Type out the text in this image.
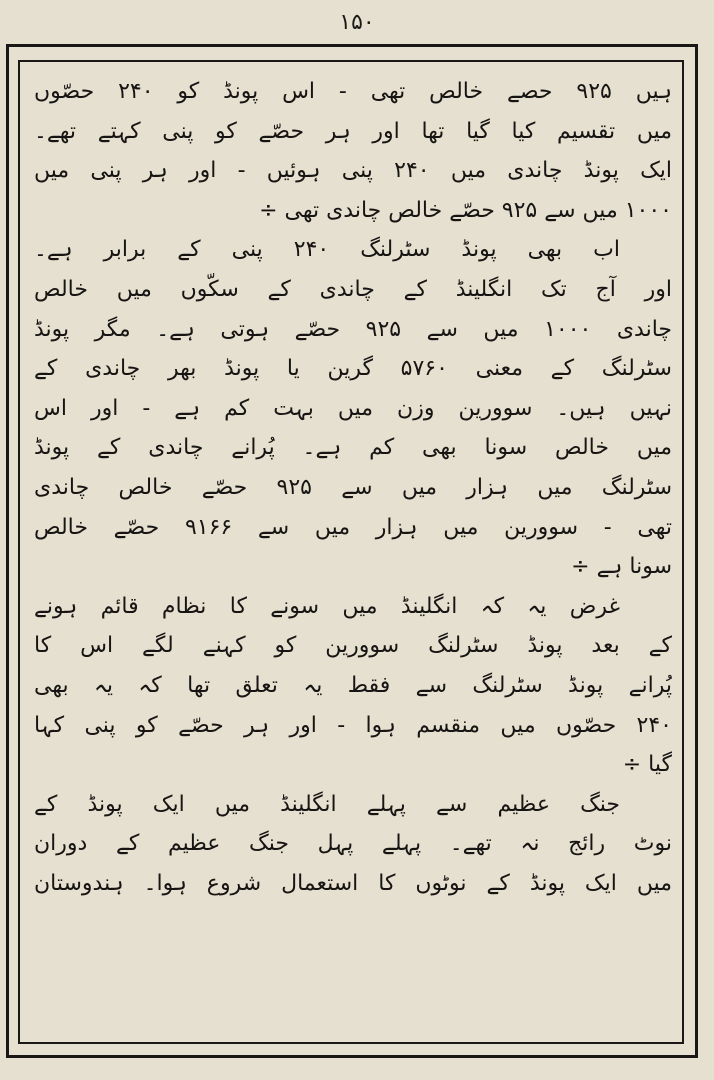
۱۵۰
ہیں ۹۲۵ حصے خالص تھی - اس پونڈ کو ۲۴۰ حصّوں
میں تقسیم کیا گیا تھا اور ہر حصّے کو پنی کہتے تھے۔
ایک پونڈ چاندی میں ۲۴۰ پنی ہوئیں - اور ہر پنی میں
۱۰۰۰ میں سے ۹۲۵ حصّے خالص چاندی تھی ÷
اب بھی پونڈ سٹرلنگ ۲۴۰ پنی کے برابر ہے۔
اور آج تک انگلینڈ کے چاندی کے سکّوں میں خالص
چاندی ۱۰۰۰ میں سے ۹۲۵ حصّے ہوتی ہے۔ مگر پونڈ
سٹرلنگ کے معنی ۵۷۶۰ گرین یا پونڈ بھر چاندی کے
نہیں ہیں۔ سوورین وزن میں بہت کم ہے - اور اس
میں خالص سونا بھی کم ہے۔ پُرانے چاندی کے پونڈ
سٹرلنگ میں ہزار میں سے ۹۲۵ حصّے خالص چاندی
تھی - سوورین میں ہزار میں سے ۹۱۶۶ حصّے خالص
سونا ہے ÷
غرض یہ کہ انگلینڈ میں سونے کا نظام قائم ہونے
کے بعد پونڈ سٹرلنگ سوورین کو کہنے لگے اس کا
پُرانے پونڈ سٹرلنگ سے فقط یہ تعلق تھا کہ یہ بھی
۲۴۰ حصّوں میں منقسم ہوا - اور ہر حصّے کو پنی کہا
گیا ÷
جنگ عظیم سے پہلے انگلینڈ میں ایک پونڈ کے
نوٹ رائج نہ تھے۔ پہلے پہل جنگ عظیم کے دوران
میں ایک پونڈ کے نوٹوں کا استعمال شروع ہوا۔ ہندوستان
